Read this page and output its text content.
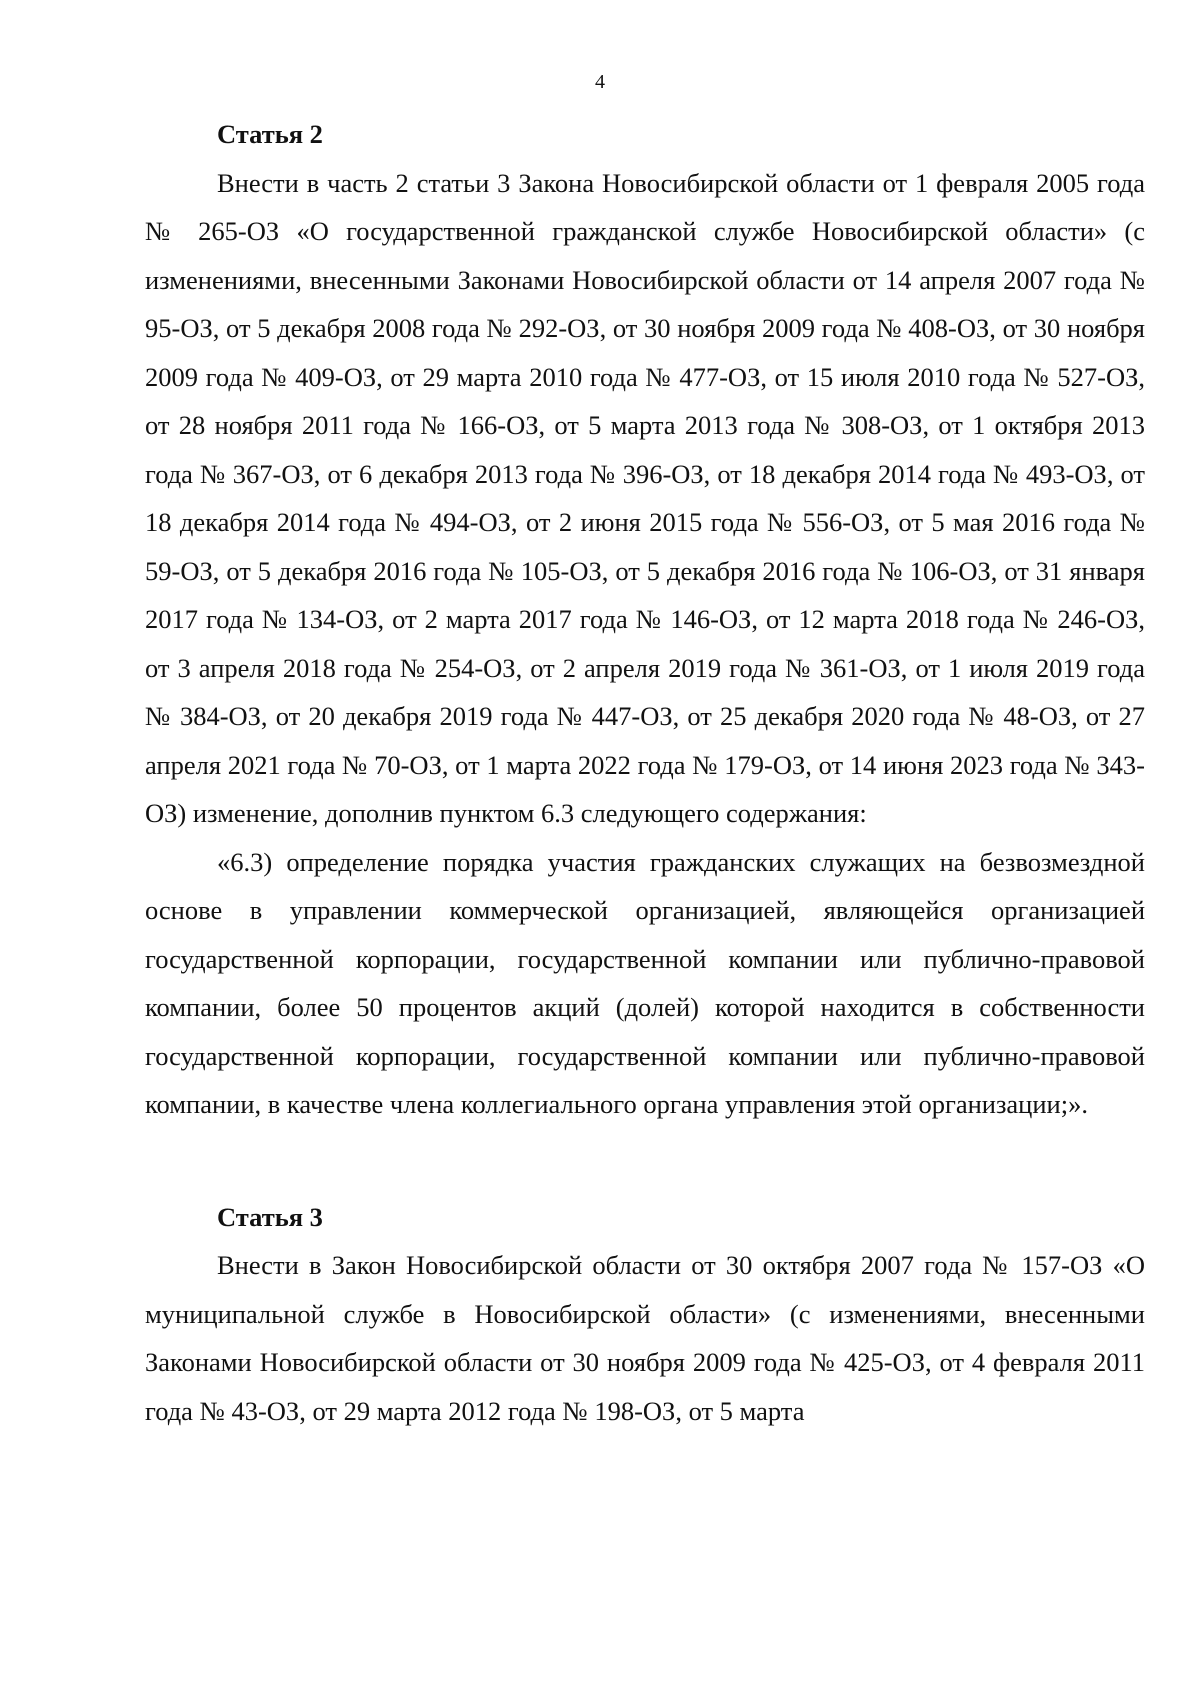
4

Статья 2

Внести в часть 2 статьи 3 Закона Новосибирской области от 1 февраля 2005 года № 265-ОЗ «О государственной гражданской службе Новосибирской области» (с изменениями, внесенными Законами Новосибирской области от 14 апреля 2007 года № 95-ОЗ, от 5 декабря 2008 года № 292-ОЗ, от 30 ноября 2009 года № 408-ОЗ, от 30 ноября 2009 года № 409-ОЗ, от 29 марта 2010 года № 477-ОЗ, от 15 июля 2010 года № 527-ОЗ, от 28 ноября 2011 года № 166-ОЗ, от 5 марта 2013 года № 308-ОЗ, от 1 октября 2013 года № 367-ОЗ, от 6 декабря 2013 года № 396-ОЗ, от 18 декабря 2014 года № 493-ОЗ, от 18 декабря 2014 года № 494-ОЗ, от 2 июня 2015 года № 556-ОЗ, от 5 мая 2016 года № 59-ОЗ, от 5 декабря 2016 года № 105-ОЗ, от 5 декабря 2016 года № 106-ОЗ, от 31 января 2017 года № 134-ОЗ, от 2 марта 2017 года № 146-ОЗ, от 12 марта 2018 года № 246-ОЗ, от 3 апреля 2018 года № 254-ОЗ, от 2 апреля 2019 года № 361-ОЗ, от 1 июля 2019 года № 384-ОЗ, от 20 декабря 2019 года № 447-ОЗ, от 25 декабря 2020 года № 48-ОЗ, от 27 апреля 2021 года № 70-ОЗ, от 1 марта 2022 года № 179-ОЗ, от 14 июня 2023 года № 343-ОЗ) изменение, дополнив пунктом 6.3 следующего содержания:

«6.3) определение порядка участия гражданских служащих на безвозмездной основе в управлении коммерческой организацией, являющейся организацией государственной корпорации, государственной компании или публично-правовой компании, более 50 процентов акций (долей) которой находится в собственности государственной корпорации, государственной компании или публично-правовой компании, в качестве члена коллегиального органа управления этой организации;».

Статья 3

Внести в Закон Новосибирской области от 30 октября 2007 года № 157-ОЗ «О муниципальной службе в Новосибирской области» (с изменениями, внесенными Законами Новосибирской области от 30 ноября 2009 года № 425-ОЗ, от 4 февраля 2011 года № 43-ОЗ, от 29 марта 2012 года № 198-ОЗ, от 5 марта
